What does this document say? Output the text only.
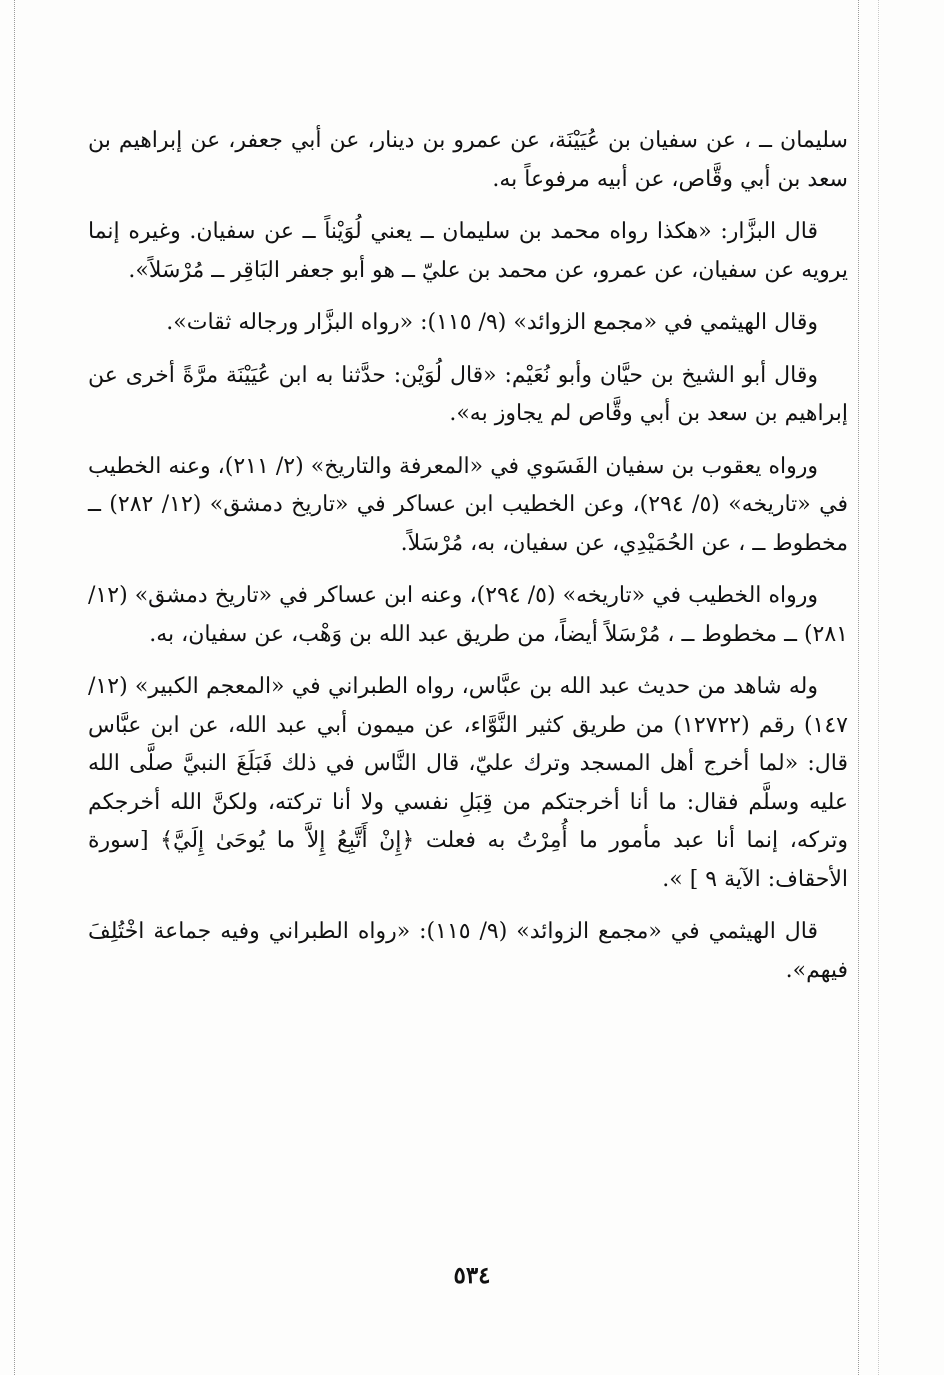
سليمان ــ ، عن سفيان بن عُيَيْنَة، عن عمرو بن دينار، عن أبي جعفر، عن إبراهيم بن سعد بن أبي وقَّاص، عن أبيه مرفوعاً به.

قال البزَّار: «هكذا رواه محمد بن سليمان ــ يعني لُوَيْناً ــ عن سفيان. وغيره إنما يرويه عن سفيان، عن عمرو، عن محمد بن عليّ ــ هو أبو جعفر البَاقِر ــ مُرْسَلاً».

وقال الهيثمي في «مجمع الزوائد» (٩/ ١١٥): «رواه البزَّار ورجاله ثقات».

وقال أبو الشيخ بن حيَّان وأبو نُعَيْم: «قال لُوَيْن: حدَّثنا به ابن عُيَيْنَة مرَّةً أخرى عن إبراهيم بن سعد بن أبي وقَّاص لم يجاوز به».

ورواه يعقوب بن سفيان الفَسَوي في «المعرفة والتاريخ» (٢/ ٢١١)، وعنه الخطيب في «تاريخه» (٥/ ٢٩٤)، وعن الخطيب ابن عساكر في «تاريخ دمشق» (١٢/ ٢٨٢) ــ مخطوط ــ ، عن الحُمَيْدِي، عن سفيان، به، مُرْسَلاً.

ورواه الخطيب في «تاريخه» (٥/ ٢٩٤)، وعنه ابن عساكر في «تاريخ دمشق» (١٢/ ٢٨١) ــ مخطوط ــ ، مُرْسَلاً أيضاً، من طريق عبد الله بن وَهْب، عن سفيان، به.

وله شاهد من حديث عبد الله بن عبَّاس، رواه الطبراني في «المعجم الكبير» (١٢/ ١٤٧) رقم (١٢٧٢٢) من طريق كثير النَّوَّاء، عن ميمون أبي عبد الله، عن ابن عبَّاس قال: «لما أخرج أهل المسجد وترك عليّ، قال النَّاس في ذلك فَبَلَغَ النبيَّ صلَّى الله عليه وسلَّم فقال: ما أنا أخرجتكم من قِبَلِ نفسي ولا أنا تركته، ولكنَّ الله أخرجكم وتركه، إنما أنا عبد مأمور ما أُمِرْتُ به فعلت ﴿إِنْ أَتَّبِعُ إِلاَّ ما يُوحَىٰ إِلَيَّ﴾ [سورة الأحقاف: الآية ٩ ] ».

قال الهيثمي في «مجمع الزوائد» (٩/ ١١٥): «رواه الطبراني وفيه جماعة اخْتُلِفَ فيهم».

٥٣٤
